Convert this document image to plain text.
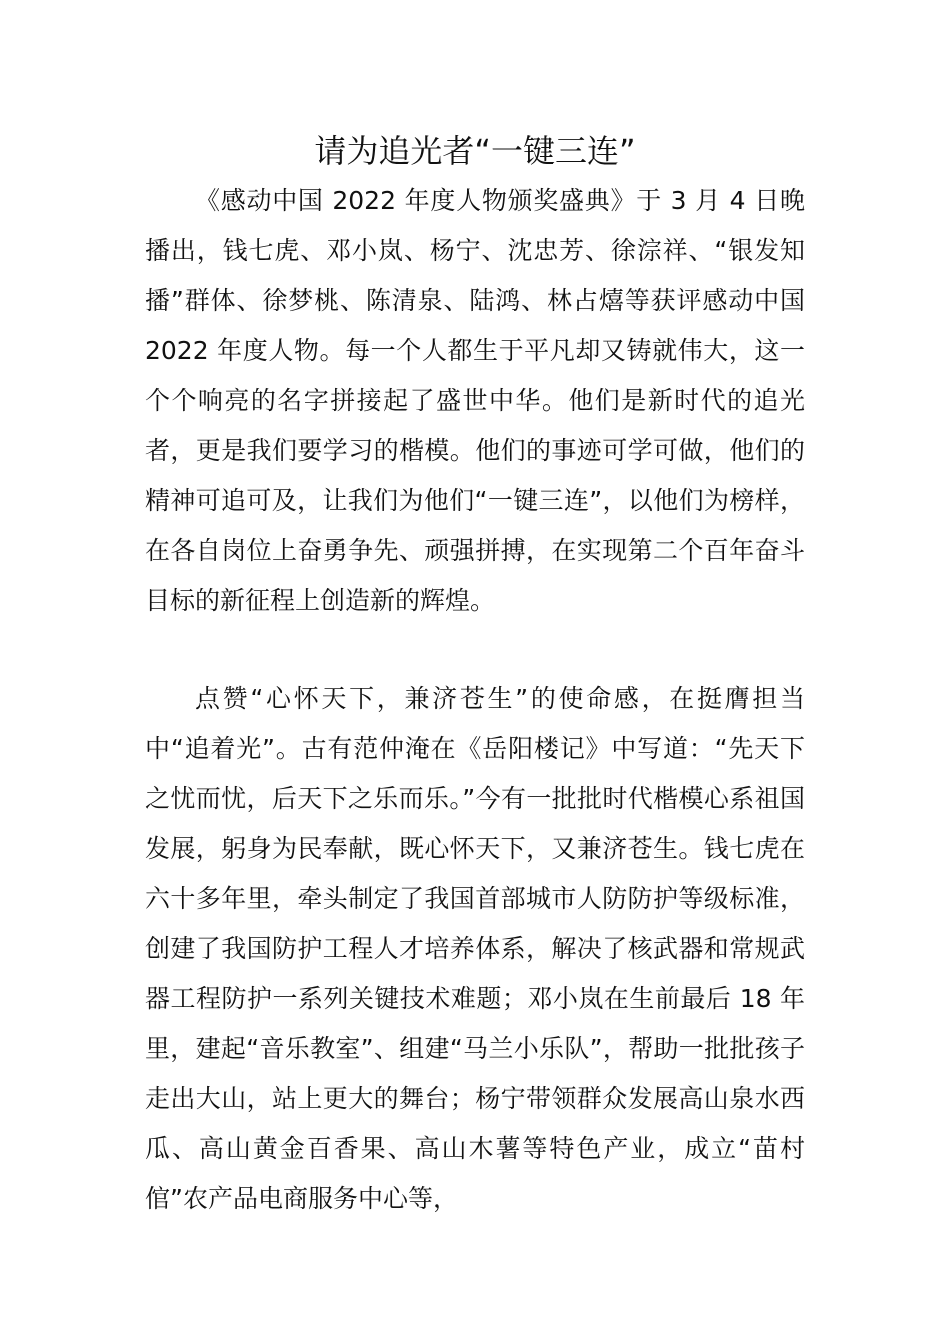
请为追光者“一键三连”

《感动中国 2022 年度人物颁奖盛典》于 3 月 4 日晚播出，钱七虎、邓小岚、杨宁、沈忠芳、徐淙祥、“银发知播”群体、徐梦桃、陈清泉、陆鸿、林占熺等获评感动中国 2022 年度人物。每一个人都生于平凡却又铸就伟大，这一个个响亮的名字拼接起了盛世中华。他们是新时代的追光者，更是我们要学习的楷模。他们的事迹可学可做，他们的精神可追可及，让我们为他们“一键三连”，以他们为榜样，在各自岗位上奋勇争先、顽强拼搏，在实现第二个百年奋斗目标的新征程上创造新的辉煌。

点赞“心怀天下，兼济苍生”的使命感，在挺膺担当中“追着光”。古有范仲淹在《岳阳楼记》中写道：“先天下之忧而忧，后天下之乐而乐。”今有一批批时代楷模心系祖国发展，躬身为民奉献，既心怀天下，又兼济苍生。钱七虎在六十多年里，牵头制定了我国首部城市人防防护等级标准，创建了我国防护工程人才培养体系，解决了核武器和常规武器工程防护一系列关键技术难题；邓小岚在生前最后 18 年里，建起“音乐教室”、组建“马兰小乐队”，帮助一批批孩子走出大山，站上更大的舞台；杨宁带领群众发展高山泉水西瓜、高山黄金百香果、高山木薯等特色产业，成立“苗村倌”农产品电商服务中心等，
